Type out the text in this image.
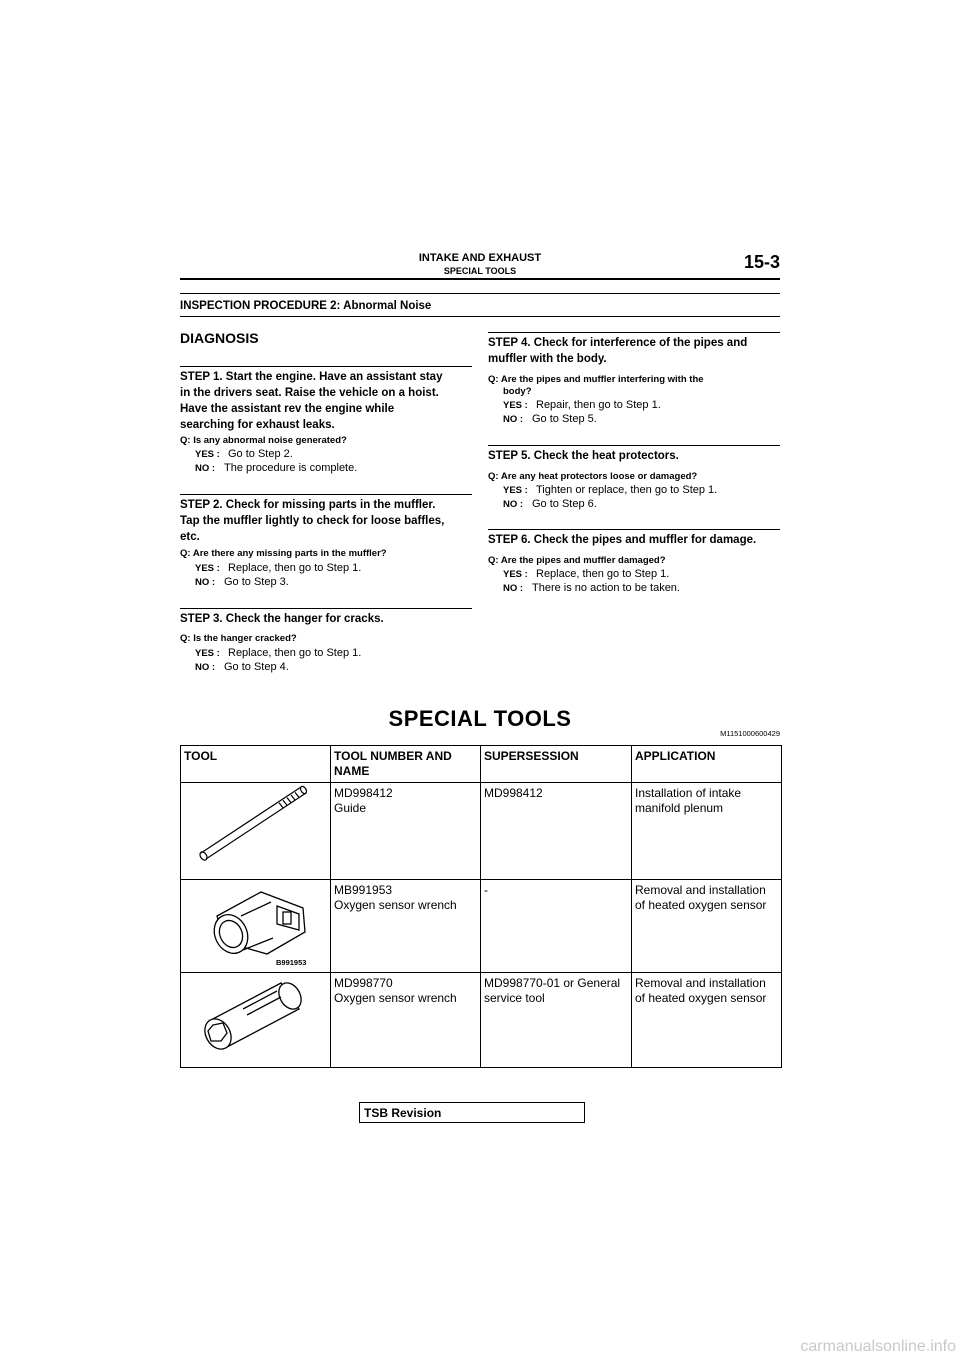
INTAKE AND EXHAUST
SPECIAL TOOLS	15-3
INSPECTION PROCEDURE 2: Abnormal Noise
DIAGNOSIS
STEP 1. Start the engine. Have an assistant stay
in the drivers seat. Raise the vehicle on a hoist.
Have the assistant rev the engine while
searching for exhaust leaks.
Q: Is any abnormal noise generated?
YES : Go to Step 2.
NO : The procedure is complete.
STEP 2. Check for missing parts in the muffler.
Tap the muffler lightly to check for loose baffles,
etc.
Q: Are there any missing parts in the muffler?
YES : Replace, then go to Step 1.
NO : Go to Step 3.
STEP 3. Check the hanger for cracks.
Q: Is the hanger cracked?
YES : Replace, then go to Step 1.
NO : Go to Step 4.
STEP 4. Check for interference of the pipes and
muffler with the body.
Q: Are the pipes and muffler interfering with the
body?
YES : Repair, then go to Step 1.
NO : Go to Step 5.
STEP 5. Check the heat protectors.
Q: Are any heat protectors loose or damaged?
YES : Tighten or replace, then go to Step 1.
NO : Go to Step 6.
STEP 6. Check the pipes and muffler for damage.
Q: Are the pipes and muffler damaged?
YES : Replace, then go to Step 1.
NO : There is no action to be taken.
SPECIAL TOOLS
M1151000600429
TOOL	TOOL NUMBER AND NAME	SUPERSESSION	APPLICATION

MD998412
Guide	MD998412	Installation of intake manifold plenum

B991953	MB991953
Oxygen sensor wrench	-	Removal and installation of heated oxygen sensor

MD998770
Oxygen sensor wrench	MD998770-01 or General service tool	Removal and installation of heated oxygen sensor
TSB Revision
carmanualsonline.info
